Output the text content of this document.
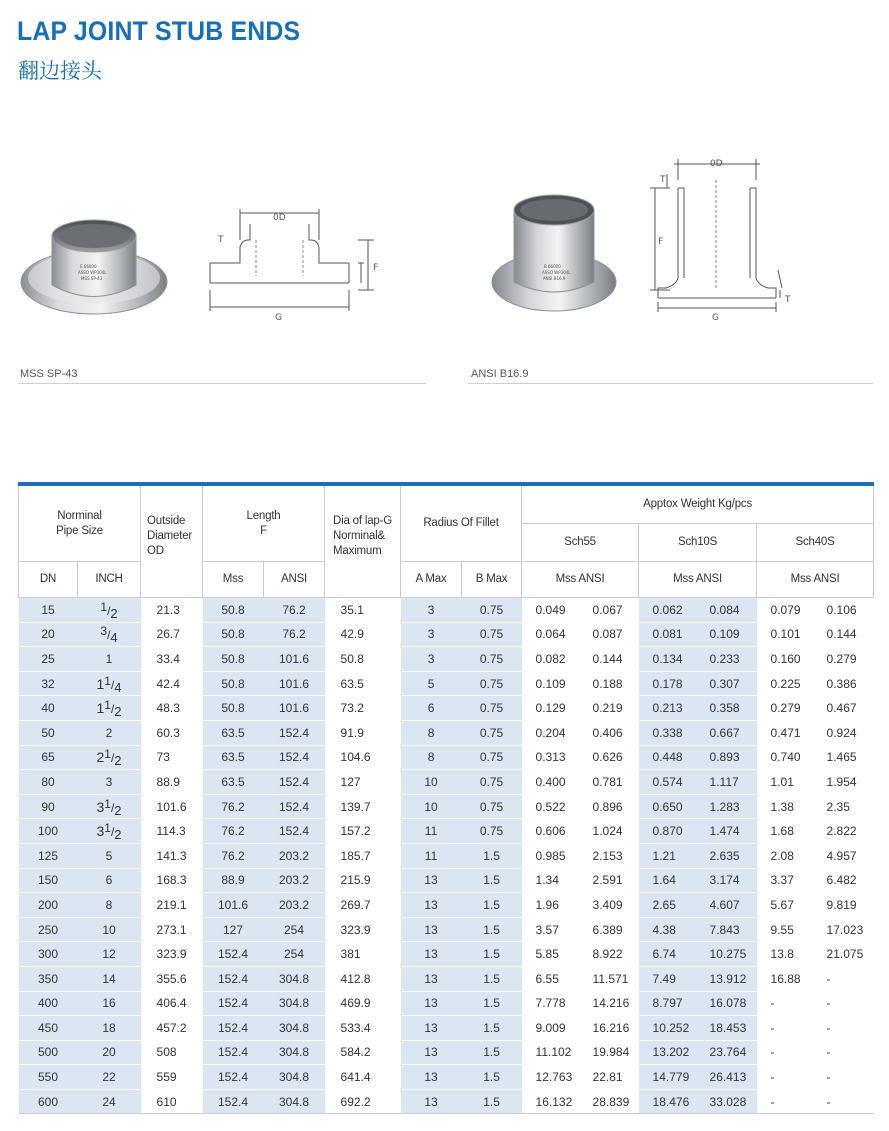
LAP JOINT STUB ENDS
翻边接头
E 66000
ASSO WP304L
MSS SP-43
0D
T
F
G
B 66000
ASSO WP304L
ANSI B16.9
0D
T
F
G
T
MSS SP-43	ANSI B16.9
Norminal
Pipe Size		Outside
Diameter
OD	Length
F		Dia of lap-G
Norminal&
Maximum	Radius Of Fillet		Apptox Weight Kg/pcs					
								Sch55		Sch10S		Sch40S	
DN	INCH		Mss	ANSI		A Max	B Max	Mss ANSI		Mss ANSI		Mss ANSI	
15	1/2	21.3	50.8	76.2	35.1	3	0.75	0.049	0.067	0.062	0.084	0.079	0.106
20	3/4	26.7	50.8	76.2	42.9	3	0.75	0.064	0.087	0.081	0.109	0.101	0.144
25	1	33.4	50.8	101.6	50.8	3	0.75	0.082	0.144	0.134	0.233	0.160	0.279
32	11/4	42.4	50.8	101.6	63.5	5	0.75	0.109	0.188	0.178	0.307	0.225	0.386
40	11/2	48.3	50.8	101.6	73.2	6	0.75	0.129	0.219	0.213	0.358	0.279	0.467
50	2	60.3	63.5	152.4	91.9	8	0.75	0.204	0.406	0.338	0.667	0.471	0.924
65	21/2	73	63.5	152.4	104.6	8	0.75	0.313	0.626	0.448	0.893	0.740	1.465
80	3	88.9	63.5	152.4	127	10	0.75	0.400	0.781	0.574	1.117	1.01	1.954
90	31/2	101.6	76.2	152.4	139.7	10	0.75	0.522	0.896	0.650	1.283	1.38	2.35
100	31/2	114.3	76.2	152.4	157.2	11	0.75	0.606	1.024	0.870	1.474	1.68	2.822
125	5	141.3	76.2	203.2	185.7	11	1.5	0.985	2.153	1.21	2.635	2.08	4.957
150	6	168.3	88.9	203.2	215.9	13	1.5	1.34	2.591	1.64	3.174	3.37	6.482
200	8	219.1	101.6	203.2	269.7	13	1.5	1.96	3.409	2.65	4.607	5.67	9.819
250	10	273.1	127	254	323.9	13	1.5	3.57	6.389	4.38	7.843	9.55	17.023
300	12	323.9	152.4	254	381	13	1.5	5.85	8.922	6.74	10.275	13.8	21.075
350	14	355.6	152.4	304.8	412.8	13	1.5	6.55	11.571	7.49	13.912	16.88	-
400	16	406.4	152.4	304.8	469.9	13	1.5	7.778	14.216	8.797	16.078	-	-
450	18	457.2	152.4	304.8	533.4	13	1.5	9.009	16.216	10.252	18.453	-	-
500	20	508	152.4	304.8	584.2	13	1.5	11.102	19.984	13.202	23.764	-	-
550	22	559	152.4	304.8	641.4	13	1.5	12.763	22.81	14.779	26.413	-	-
600	24	610	152.4	304.8	692.2	13	1.5	16.132	28.839	18.476	33.028	-	-
